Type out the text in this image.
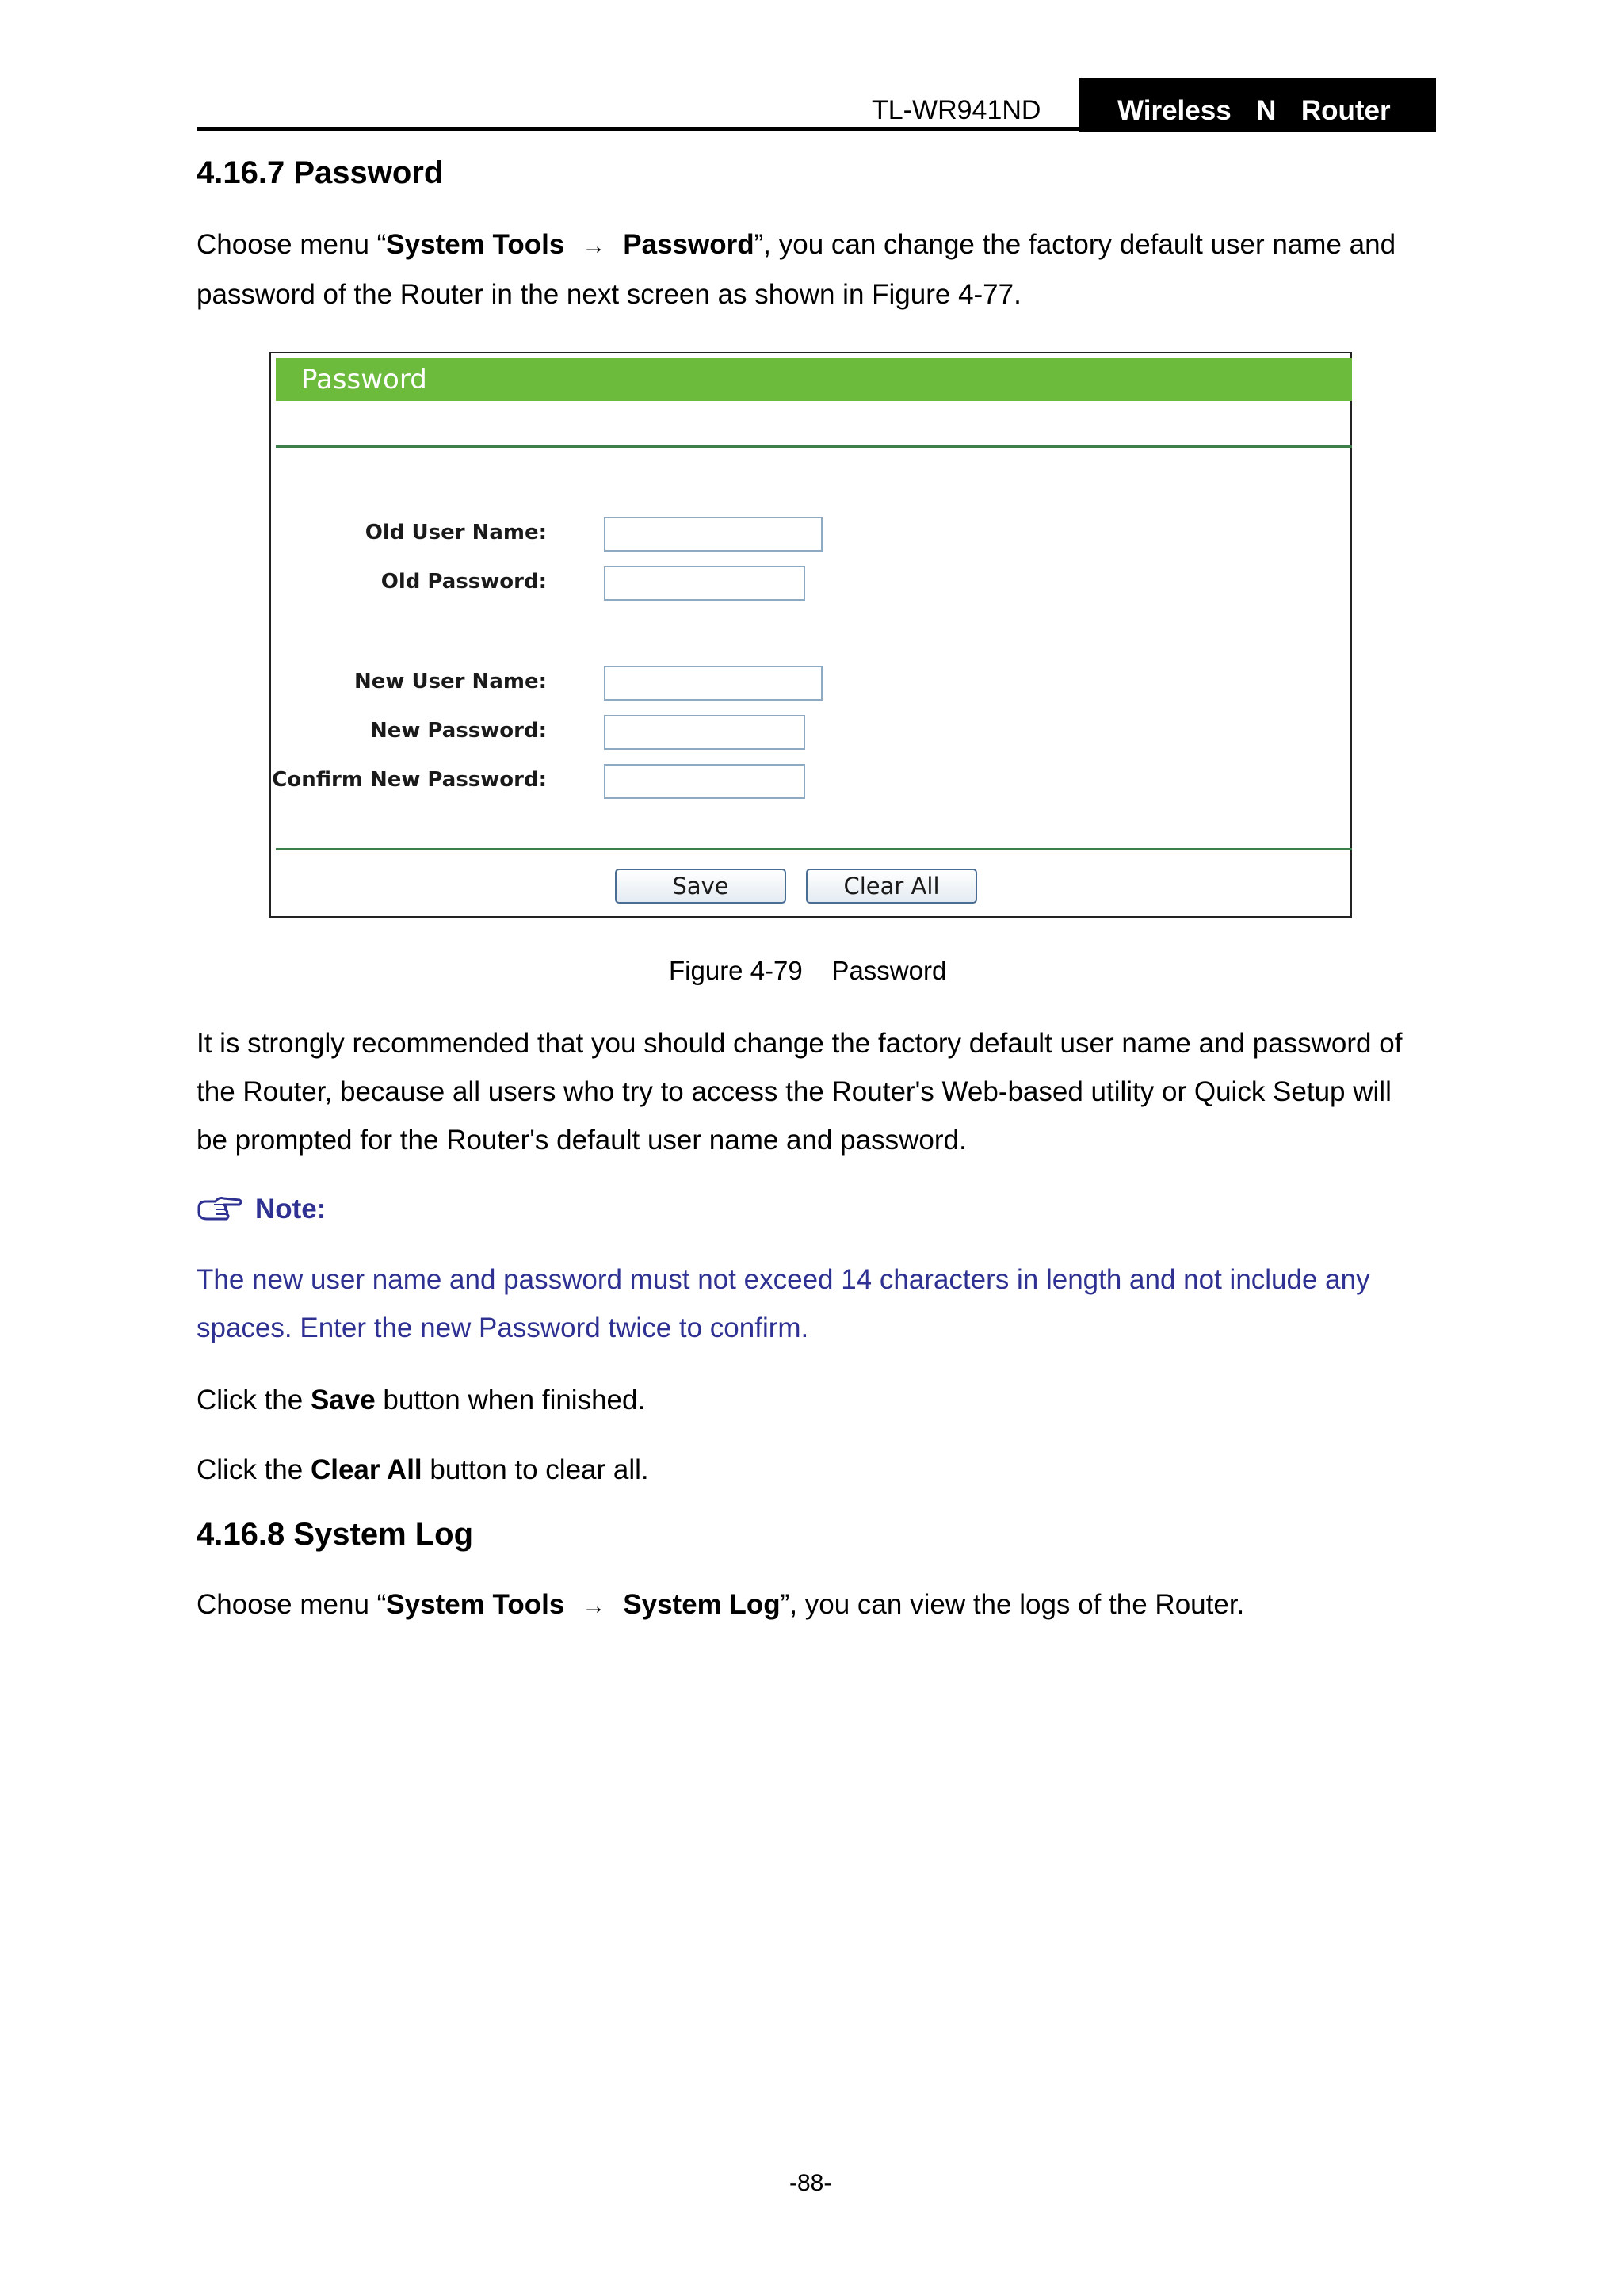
TL-WR941ND	Wireless  N  Router
4.16.7 Password
Choose menu “System Tools → Password”, you can change the factory default user name and password of the Router in the next screen as shown in Figure 4-77.
Password
Old User Name:
Old Password:
New User Name:
New Password:
Confirm New Password:
Save	Clear All
Figure 4-79    Password
It is strongly recommended that you should change the factory default user name and password of the Router, because all users who try to access the Router's Web-based utility or Quick Setup will be prompted for the Router's default user name and password.
Note:
The new user name and password must not exceed 14 characters in length and not include any spaces. Enter the new Password twice to confirm.
Click the Save button when finished.
Click the Clear All button to clear all.
4.16.8 System Log
Choose menu “System Tools → System Log”, you can view the logs of the Router.
-88-
